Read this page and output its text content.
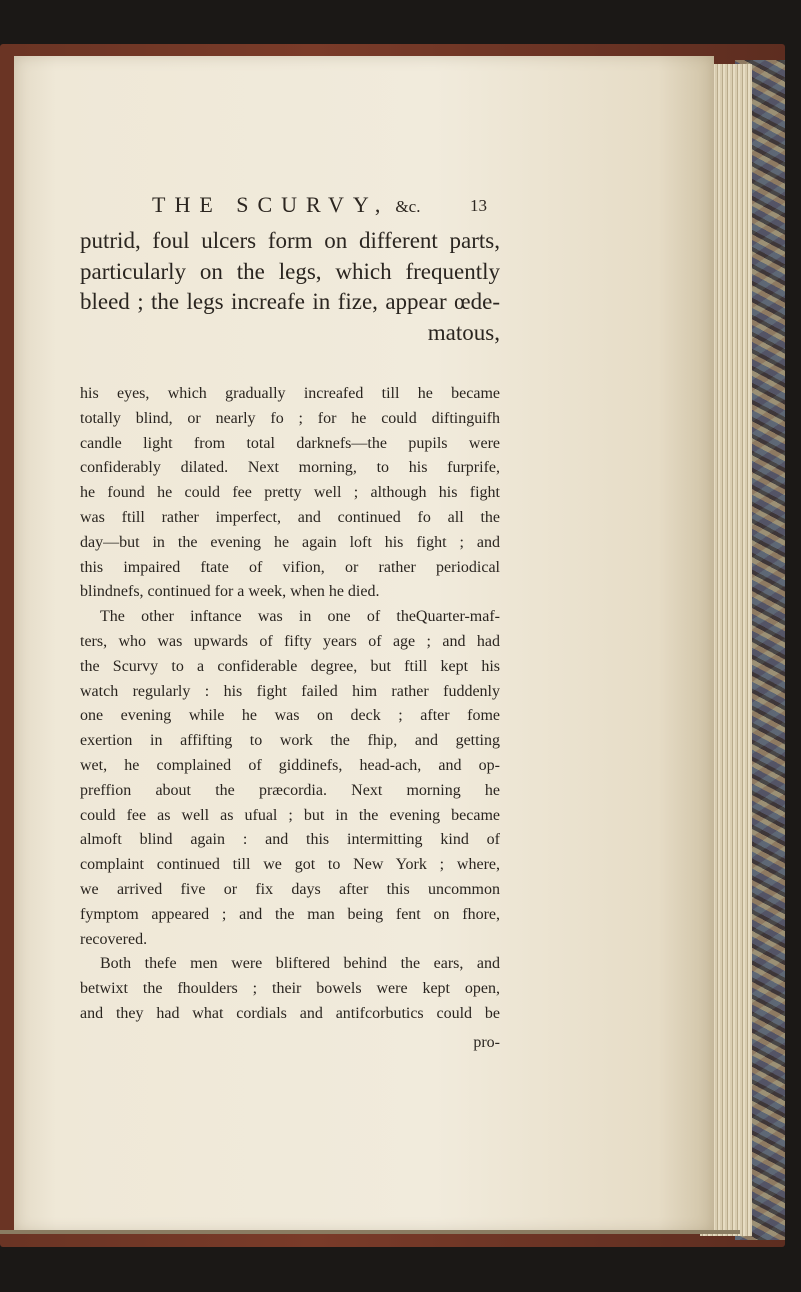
THE SCURVY, &c.	13
putrid, foul ulcers form on different parts,
particularly on the legs, which frequently
bleed ; the legs increafe in fize, appear œde-
matous,
his eyes, which gradually increafed till he became
totally blind, or nearly fo ; for he could diftinguifh
candle light from total darknefs—the pupils were
confiderably dilated. Next morning, to his furprife,
he found he could fee pretty well ; although his fight
was ftill rather imperfect, and continued fo all the
day—but in the evening he again loft his fight ; and
this impaired ftate of vifion, or rather periodical
blindnefs, continued for a week, when he died.
The other inftance was in one of theQuarter-maf-
ters, who was upwards of fifty years of age ; and had
the Scurvy to a confiderable degree, but ftill kept his
watch regularly : his fight failed him rather fuddenly
one evening while he was on deck ; after fome
exertion in affifting to work the fhip, and getting
wet, he complained of giddinefs, head-ach, and op-
preffion about the præcordia. Next morning he
could fee as well as ufual ; but in the evening became
almoft blind again : and this intermitting kind of
complaint continued till we got to New York ; where,
we arrived five or fix days after this uncommon
fymptom appeared ; and the man being fent on fhore,
recovered.
Both thefe men were bliftered behind the ears, and
betwixt the fhoulders ; their bowels were kept open,
and they had what cordials and antifcorbutics could be
pro-
